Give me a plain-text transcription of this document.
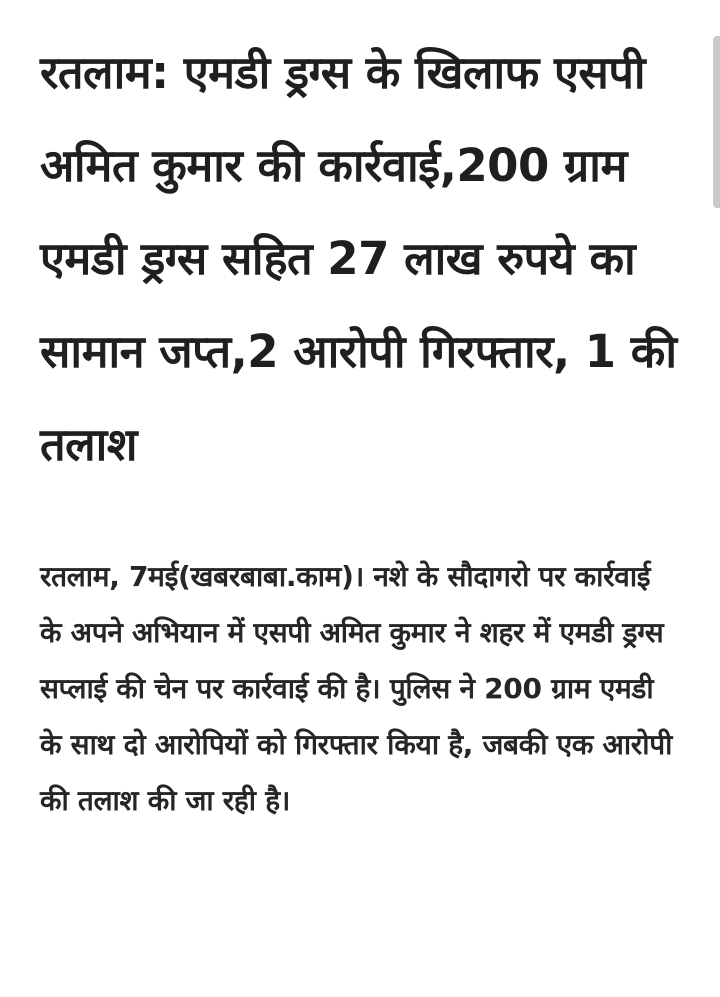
रतलाम: एमडी ड्रग्स के खिलाफ एसपी अमित कुमार की कार्रवाई,200 ग्राम एमडी ड्रग्स सहित 27 लाख रुपये का सामान जप्त,2 आरोपी गिरफ्तार, 1 की तलाश

रतलाम, 7मई(खबरबाबा.काम)। नशे के सौदागरो पर कार्रवाई के अपने अभियान में एसपी अमित कुमार ने शहर में एमडी ड्रग्स सप्लाई की चेन पर कार्रवाई की है। पुलिस ने 200 ग्राम एमडी के साथ दो आरोपियों को गिरफ्तार किया है, जबकी एक आरोपी की तलाश की जा रही है।
